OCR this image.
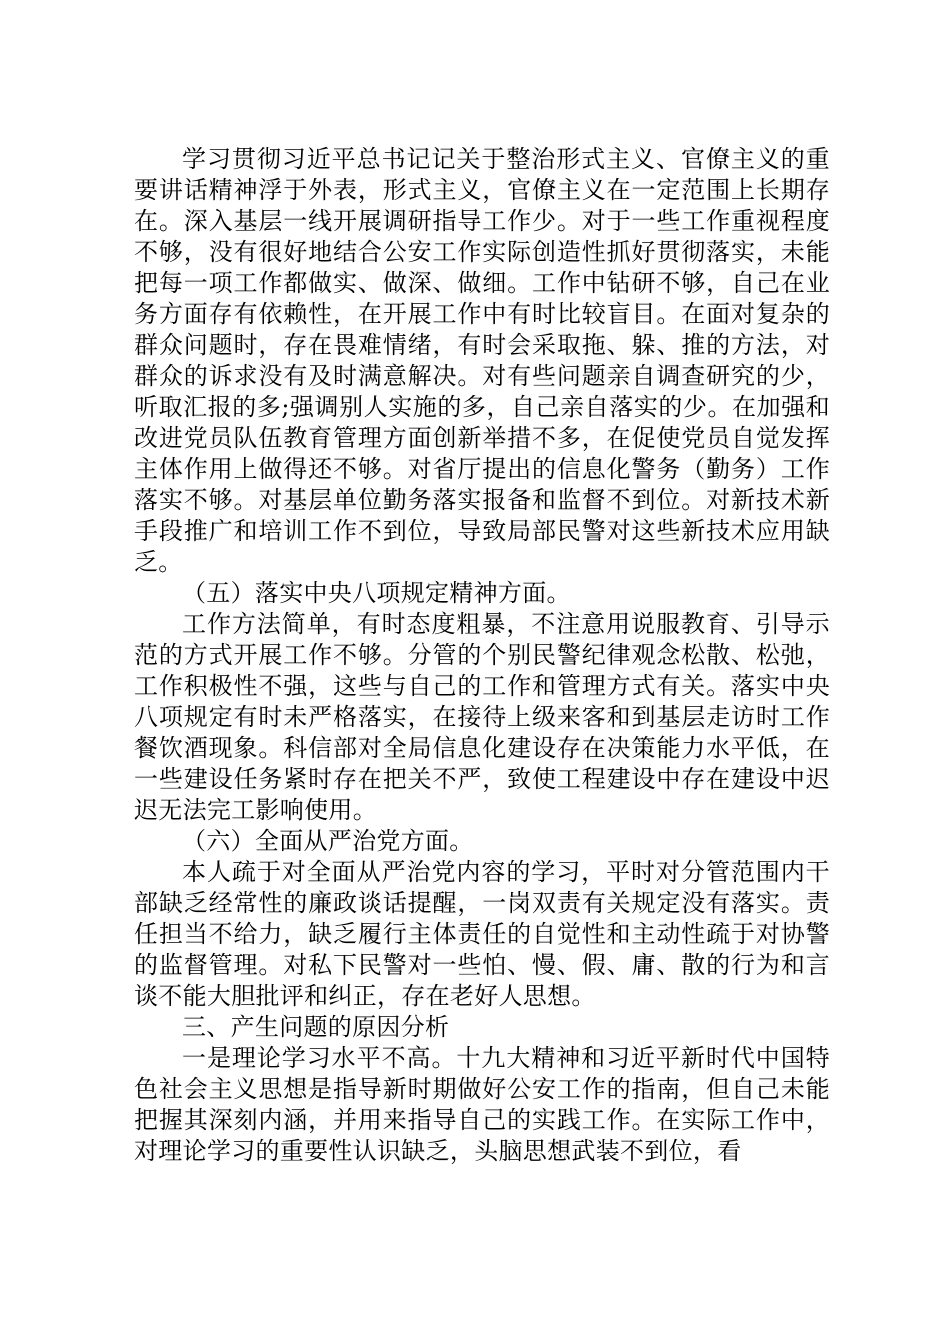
学习贯彻习近平总书记记关于整治形式主义、官僚主义的重要讲话精神浮于外表，形式主义，官僚主义在一定范围上长期存在。深入基层一线开展调研指导工作少。对于一些工作重视程度不够，没有很好地结合公安工作实际创造性抓好贯彻落实，未能把每一项工作都做实、做深、做细。工作中钻研不够，自己在业务方面存有依赖性，在开展工作中有时比较盲目。在面对复杂的群众问题时，存在畏难情绪，有时会采取拖、躲、推的方法，对群众的诉求没有及时满意解决。对有些问题亲自调查研究的少，听取汇报的多;强调别人实施的多，自己亲自落实的少。在加强和改进党员队伍教育管理方面创新举措不多，在促使党员自觉发挥主体作用上做得还不够。对省厅提出的信息化警务（勤务）工作落实不够。对基层单位勤务落实报备和监督不到位。对新技术新手段推广和培训工作不到位，导致局部民警对这些新技术应用缺乏。

（五）落实中央八项规定精神方面。

工作方法简单，有时态度粗暴，不注意用说服教育、引导示范的方式开展工作不够。分管的个别民警纪律观念松散、松弛，工作积极性不强，这些与自己的工作和管理方式有关。落实中央八项规定有时未严格落实，在接待上级来客和到基层走访时工作餐饮酒现象。科信部对全局信息化建设存在决策能力水平低，在一些建设任务紧时存在把关不严，致使工程建设中存在建设中迟迟无法完工影响使用。

（六）全面从严治党方面。

本人疏于对全面从严治党内容的学习，平时对分管范围内干部缺乏经常性的廉政谈话提醒，一岗双责有关规定没有落实。责任担当不给力，缺乏履行主体责任的自觉性和主动性疏于对协警的监督管理。对私下民警对一些怕、慢、假、庸、散的行为和言谈不能大胆批评和纠正，存在老好人思想。

三、产生问题的原因分析

一是理论学习水平不高。十九大精神和习近平新时代中国特色社会主义思想是指导新时期做好公安工作的指南，但自己未能把握其深刻内涵，并用来指导自己的实践工作。在实际工作中，对理论学习的重要性认识缺乏，头脑思想武装不到位，看
